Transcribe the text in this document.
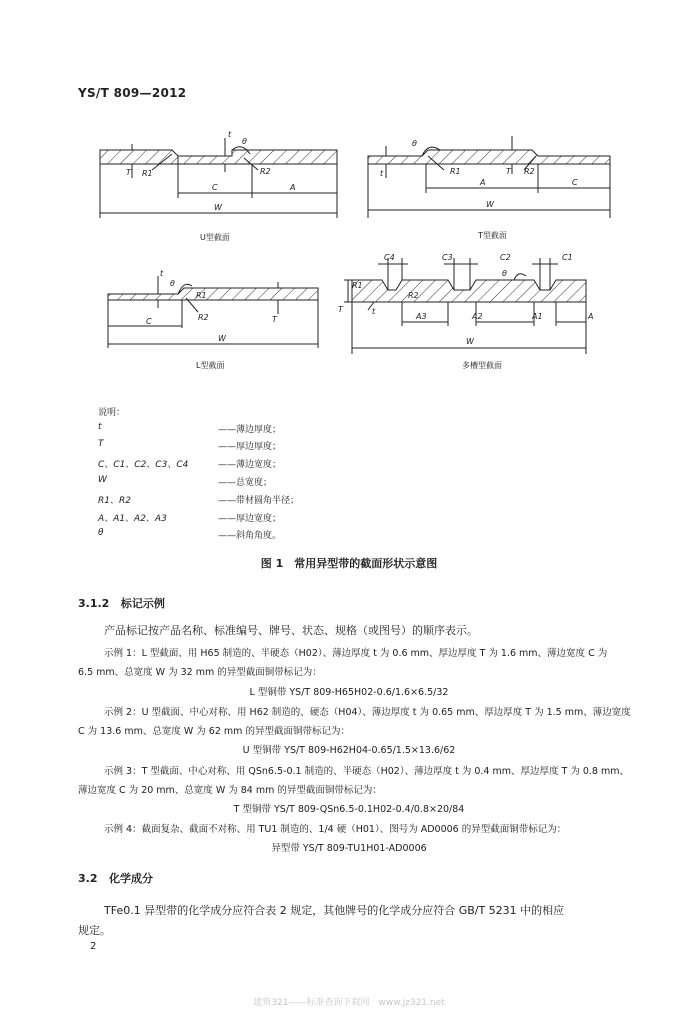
YS/T 809—2012
t
T
θ
R1	R2
C	A
W
U型截面
θ
t	R1	T R2
A	C
W
T型截面
t
θ
R1
R2	T
C
W
L型截面
C4	C3	C2	C1
θ
R1
R2
T	t
A3	A2	A1	A
W
多槽型截面
说明：
t	——薄边厚度；
T	——厚边厚度；
C、C1、C2、C3、C4	——薄边宽度；
W	——总宽度；
R1、R2	——带材圆角半径；
A、A1、A2、A3	——厚边宽度；
θ	——斜角角度。
图 1　常用异型带的截面形状示意图
3.1.2 标记示例
产品标记按产品名称、标准编号、牌号、状态、规格（或图号）的顺序表示。
示例 1：L 型截面、用 H65 制造的、半硬态（H02）、薄边厚度 t 为 0.6 mm、厚边厚度 T 为 1.6 mm、薄边宽度 C 为
6.5 mm、总宽度 W 为 32 mm 的异型截面铜带标记为：
L 型铜带 YS/T 809-H65H02-0.6/1.6×6.5/32
示例 2：U 型截面、中心对称、用 H62 制造的、硬态（H04）、薄边厚度 t 为 0.65 mm、厚边厚度 T 为 1.5 mm、薄边宽度
C 为 13.6 mm、总宽度 W 为 62 mm 的异型截面铜带标记为：
U 型铜带 YS/T 809-H62H04-0.65/1.5×13.6/62
示例 3：T 型截面、中心对称、用 QSn6.5-0.1 制造的、半硬态（H02）、薄边厚度 t 为 0.4 mm、厚边厚度 T 为 0.8 mm、
薄边宽度 C 为 20 mm、总宽度 W 为 84 mm 的异型截面铜带标记为：
T 型铜带 YS/T 809-QSn6.5-0.1H02-0.4/0.8×20/84
示例 4：截面复杂、截面不对称、用 TU1 制造的、1/4 硬（H01）、图号为 AD0006 的异型截面铜带标记为：
异型带 YS/T 809-TU1H01-AD0006
3.2 化学成分
TFe0.1 异型带的化学成分应符合表 2 规定，其他牌号的化学成分应符合 GB/T 5231 中的相应
规定。
2
建筑321——标准查询下载网　www.jz321.net
